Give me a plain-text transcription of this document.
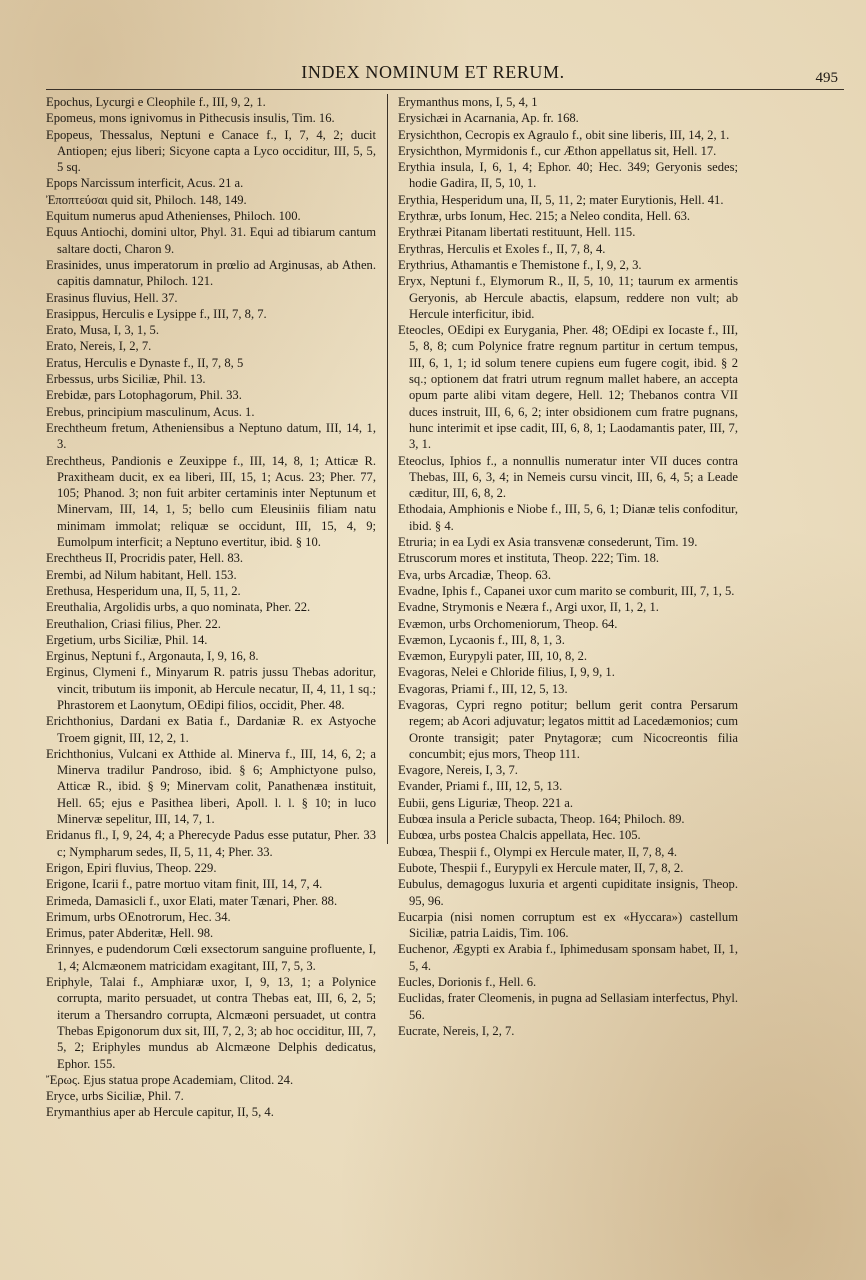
INDEX NOMINUM ET RERUM.	495

Epochus, Lycurgi e Cleophile f., III, 9, 2, 1.

Epomeus, mons ignivomus in Pithecusis insulis, Tim. 16.

Epopeus, Thessalus, Neptuni e Canace f., I, 7, 4, 2; ducit Antiopen; ejus liberi; Sicyone capta a Lyco occiditur, III, 5, 5, 5 sq.

Epops Narcissum interficit, Acus. 21 a.

Ἐποπτεύσαι quid sit, Philoch. 148, 149.

Equitum numerus apud Athenienses, Philoch. 100.

Equus Antiochi, domini ultor, Phyl. 31. Equi ad tibiarum cantum saltare docti, Charon 9.

Erasinides, unus imperatorum in prœlio ad Arginusas, ab Athen. capitis damnatur, Philoch. 121.

Erasinus fluvius, Hell. 37.

Erasippus, Herculis e Lysippe f., III, 7, 8, 7.

Erato, Musa, I, 3, 1, 5.

Erato, Nereis, I, 2, 7.

Eratus, Herculis e Dynaste f., II, 7, 8, 5

Erbessus, urbs Siciliæ, Phil. 13.

Erebidæ, pars Lotophagorum, Phil. 33.

Erebus, principium masculinum, Acus. 1.

Erechtheum fretum, Atheniensibus a Neptuno datum, III, 14, 1, 3.

Erechtheus, Pandionis e Zeuxippe f., III, 14, 8, 1; Atticæ R. Praxitheam ducit, ex ea liberi, III, 15, 1; Acus. 23; Pher. 77, 105; Phanod. 3; non fuit arbiter certaminis inter Neptunum et Minervam, III, 14, 1, 5; bello cum Eleusiniis filiam natu minimam immolat; reliquæ se occidunt, III, 15, 4, 9; Eumolpum interficit; a Neptuno evertitur, ibid. § 10.

Erechtheus II, Procridis pater, Hell. 83.

Erembi, ad Nilum habitant, Hell. 153.

Erethusa, Hesperidum una, II, 5, 11, 2.

Ereuthalia, Argolidis urbs, a quo nominata, Pher. 22.

Ereuthalion, Criasi filius, Pher. 22.

Ergetium, urbs Siciliæ, Phil. 14.

Erginus, Neptuni f., Argonauta, I, 9, 16, 8.

Erginus, Clymeni f., Minyarum R. patris jussu Thebas adoritur, vincit, tributum iis imponit, ab Hercule necatur, II, 4, 11, 1 sq.; Phrastorem et Laonytum, OEdipi filios, occidit, Pher. 48.

Erichthonius, Dardani ex Batia f., Dardaniæ R. ex Astyoche Troem gignit, III, 12, 2, 1.

Erichthonius, Vulcani ex Atthide al. Minerva f., III, 14, 6, 2; a Minerva tradilur Pandroso, ibid. § 6; Amphictyone pulso, Atticæ R., ibid. § 9; Minervam colit, Panathenæa instituit, Hell. 65; ejus e Pasithea liberi, Apoll. l. l. § 10; in luco Minervæ sepelitur, III, 14, 7, 1.

Eridanus fl., I, 9, 24, 4; a Pherecyde Padus esse putatur, Pher. 33 c; Nympharum sedes, II, 5, 11, 4; Pher. 33.

Erigon, Epiri fluvius, Theop. 229.

Erigone, Icarii f., patre mortuo vitam finit, III, 14, 7, 4.

Erimeda, Damasicli f., uxor Elati, mater Tænari, Pher. 88.

Erimum, urbs OEnotrorum, Hec. 34.

Erimus, pater Abderitæ, Hell. 98.

Erinnyes, e pudendorum Cœli exsectorum sanguine profluente, I, 1, 4; Alcmæonem matricidam exagitant, III, 7, 5, 3.

Eriphyle, Talai f., Amphiaræ uxor, I, 9, 13, 1; a Polynice corrupta, marito persuadet, ut contra Thebas eat, III, 6, 2, 5; iterum a Thersandro corrupta, Alcmæoni persuadet, ut contra Thebas Epigonorum dux sit, III, 7, 2, 3; ab hoc occiditur, III, 7, 5, 2; Eriphyles mundus ab Alcmæone Delphis dedicatus, Ephor. 155.

Ἔρως. Ejus statua prope Academiam, Clitod. 24.

Eryce, urbs Siciliæ, Phil. 7.

Erymanthius aper ab Hercule capitur, II, 5, 4.

Erymanthus mons, I, 5, 4, 1

Erysichæi in Acarnania, Ap. fr. 168.

Erysichthon, Cecropis ex Agraulo f., obit sine liberis, III, 14, 2, 1.

Erysichthon, Myrmidonis f., cur Æthon appellatus sit, Hell. 17.

Erythia insula, I, 6, 1, 4; Ephor. 40; Hec. 349; Geryonis sedes; hodie Gadira, II, 5, 10, 1.

Erythia, Hesperidum una, II, 5, 11, 2; mater Eurytionis, Hell. 41.

Erythræ, urbs Ionum, Hec. 215; a Neleo condita, Hell. 63.

Erythræi Pitanam libertati restituunt, Hell. 115.

Erythras, Herculis et Exoles f., II, 7, 8, 4.

Erythrius, Athamantis e Themistone f., I, 9, 2, 3.

Eryx, Neptuni f., Elymorum R., II, 5, 10, 11; taurum ex armentis Geryonis, ab Hercule abactis, elapsum, reddere non vult; ab Hercule interficitur, ibid.

Eteocles, OEdipi ex Eurygania, Pher. 48; OEdipi ex Iocaste f., III, 5, 8, 8; cum Polynice fratre regnum partitur in certum tempus, III, 6, 1, 1; id solum tenere cupiens eum fugere cogit, ibid. § 2 sq.; optionem dat fratri utrum regnum mallet habere, an accepta opum parte alibi vitam degere, Hell. 12; Thebanos contra VII duces instruit, III, 6, 6, 2; inter obsidionem cum fratre pugnans, hunc interimit et ipse cadit, III, 6, 8, 1; Laodamantis pater, III, 7, 3, 1.

Eteoclus, Iphios f., a nonnullis numeratur inter VII duces contra Thebas, III, 6, 3, 4; in Nemeis cursu vincit, III, 6, 4, 5; a Leade cæditur, III, 6, 8, 2.

Ethodaia, Amphionis e Niobe f., III, 5, 6, 1; Dianæ telis confoditur, ibid. § 4.

Etruria; in ea Lydi ex Asia transvenæ consederunt, Tim. 19.

Etruscorum mores et instituta, Theop. 222; Tim. 18.

Eva, urbs Arcadiæ, Theop. 63.

Evadne, Iphis f., Capanei uxor cum marito se comburit, III, 7, 1, 5.

Evadne, Strymonis e Neæra f., Argi uxor, II, 1, 2, 1.

Evæmon, urbs Orchomeniorum, Theop. 64.

Evæmon, Lycaonis f., III, 8, 1, 3.

Evæmon, Eurypyli pater, III, 10, 8, 2.

Evagoras, Nelei e Chloride filius, I, 9, 9, 1.

Evagoras, Priami f., III, 12, 5, 13.

Evagoras, Cypri regno potitur; bellum gerit contra Persarum regem; ab Acori adjuvatur; legatos mittit ad Lacedæmonios; cum Oronte transigit; pater Pnytagoræ; cum Nicocreontis filia concumbit; ejus mors, Theop 111.

Evagore, Nereis, I, 3, 7.

Evander, Priami f., III, 12, 5, 13.

Eubii, gens Liguriæ, Theop. 221 a.

Eubœa insula a Pericle subacta, Theop. 164; Philoch. 89.

Eubœa, urbs postea Chalcis appellata, Hec. 105.

Eubœa, Thespii f., Olympi ex Hercule mater, II, 7, 8, 4.

Eubote, Thespii f., Eurypyli ex Hercule mater, II, 7, 8, 2.

Eubulus, demagogus luxuria et argenti cupiditate insignis, Theop. 95, 96.

Eucarpia (nisi nomen corruptum est ex «Hyccara») castellum Siciliæ, patria Laidis, Tim. 106.

Euchenor, Ægypti ex Arabia f., Iphimedusam sponsam habet, II, 1, 5, 4.

Eucles, Dorionis f., Hell. 6.

Euclidas, frater Cleomenis, in pugna ad Sellasiam interfectus, Phyl. 56.

Eucrate, Nereis, I, 2, 7.
